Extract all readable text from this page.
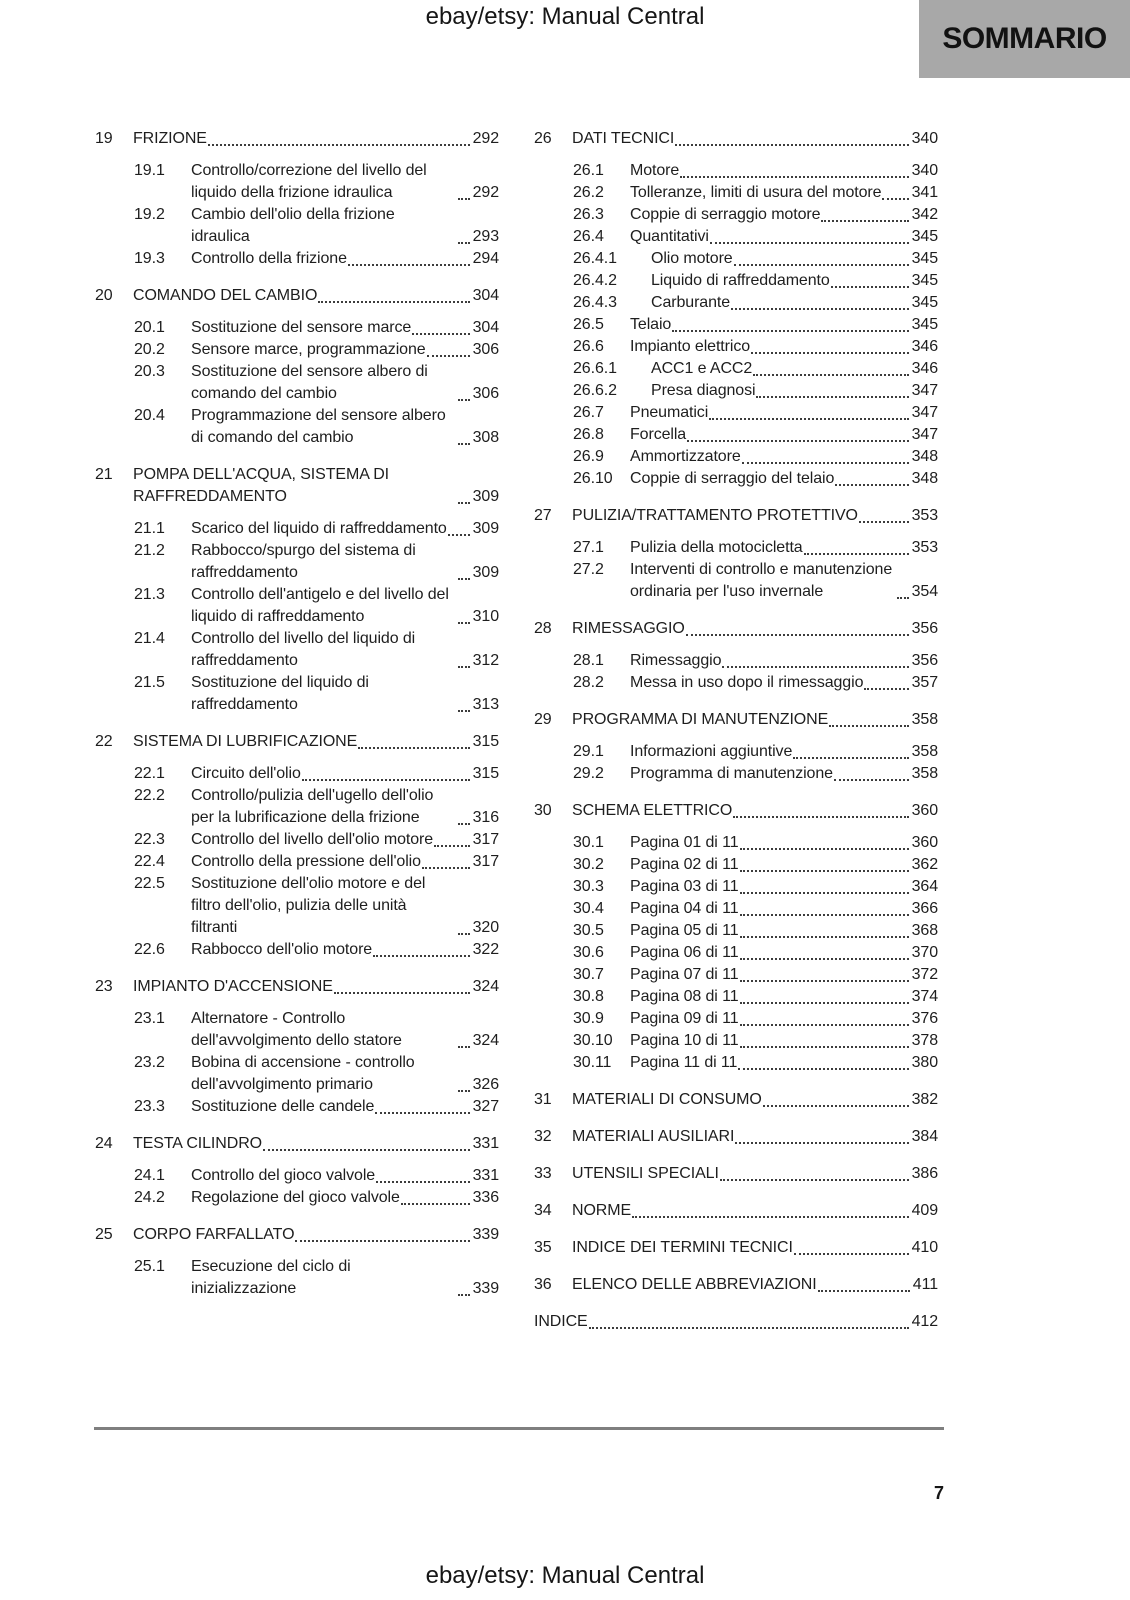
ebay/etsy: Manual Central
SOMMARIO
19	FRIZIONE	292
19.1	Controllo/correzione del livello del liquido della frizione idraulica	292
19.2	Cambio dell'olio della frizione idraulica	293
19.3	Controllo della frizione	294
20	COMANDO DEL CAMBIO	304
20.1	Sostituzione del sensore marce	304
20.2	Sensore marce, programmazione	306
20.3	Sostituzione del sensore albero di comando del cambio	306
20.4	Programmazione del sensore albero di comando del cambio	308
21	POMPA DELL'ACQUA, SISTEMA DI RAFFREDDAMENTO	309
21.1	Scarico del liquido di raffreddamento 309
21.2	Rabbocco/spurgo del sistema di raffreddamento	309
21.3	Controllo dell'antigelo e del livello del liquido di raffreddamento	310
21.4	Controllo del livello del liquido di raffreddamento	312
21.5	Sostituzione del liquido di raffreddamento	313
22	SISTEMA DI LUBRIFICAZIONE	315
22.1	Circuito dell'olio	315
22.2	Controllo/pulizia dell'ugello dell'olio per la lubrificazione della frizione	316
22.3	Controllo del livello dell'olio motore 317
22.4	Controllo della pressione dell'olio	317
22.5	Sostituzione dell'olio motore e del filtro dell'olio, pulizia delle unità filtranti	320
22.6	Rabbocco dell'olio motore	322
23	IMPIANTO D'ACCENSIONE	324
23.1	Alternatore - Controllo dell'avvolgimento dello statore	324
23.2	Bobina di accensione - controllo dell'avvolgimento primario	326
23.3	Sostituzione delle candele	327
24	TESTA CILINDRO	331
24.1	Controllo del gioco valvole	331
24.2	Regolazione del gioco valvole	336
25	CORPO FARFALLATO	339
25.1	Esecuzione del ciclo di inizializzazione	339
26	DATI TECNICI	340
26.1	Motore	340
26.2	Tolleranze, limiti di usura del motore 341
26.3	Coppie di serraggio motore	342
26.4	Quantitativi	345
26.4.1	Olio motore	345
26.4.2	Liquido di raffreddamento	345
26.4.3	Carburante	345
26.5	Telaio	345
26.6	Impianto elettrico	346
26.6.1	ACC1 e ACC2	346
26.6.2	Presa diagnosi	347
26.7	Pneumatici	347
26.8	Forcella	347
26.9	Ammortizzatore	348
26.10	Coppie di serraggio del telaio	348
27	PULIZIA/TRATTAMENTO PROTETTIVO	353
27.1	Pulizia della motocicletta	353
27.2	Interventi di controllo e manutenzione ordinaria per l'uso invernale	354
28	RIMESSAGGIO	356
28.1	Rimessaggio	356
28.2	Messa in uso dopo il rimessaggio	357
29	PROGRAMMA DI MANUTENZIONE	358
29.1	Informazioni aggiuntive	358
29.2	Programma di manutenzione	358
30	SCHEMA ELETTRICO	360
30.1	Pagina 01 di 11	360
30.2	Pagina 02 di 11	362
30.3	Pagina 03 di 11	364
30.4	Pagina 04 di 11	366
30.5	Pagina 05 di 11	368
30.6	Pagina 06 di 11	370
30.7	Pagina 07 di 11	372
30.8	Pagina 08 di 11	374
30.9	Pagina 09 di 11	376
30.10	Pagina 10 di 11	378
30.11	Pagina 11 di 11	380
31	MATERIALI DI CONSUMO	382
32	MATERIALI AUSILIARI	384
33	UTENSILI SPECIALI	386
34	NORME	409
35	INDICE DEI TERMINI TECNICI	410
36	ELENCO DELLE ABBREVIAZIONI	411
INDICE	412
7
ebay/etsy: Manual Central
